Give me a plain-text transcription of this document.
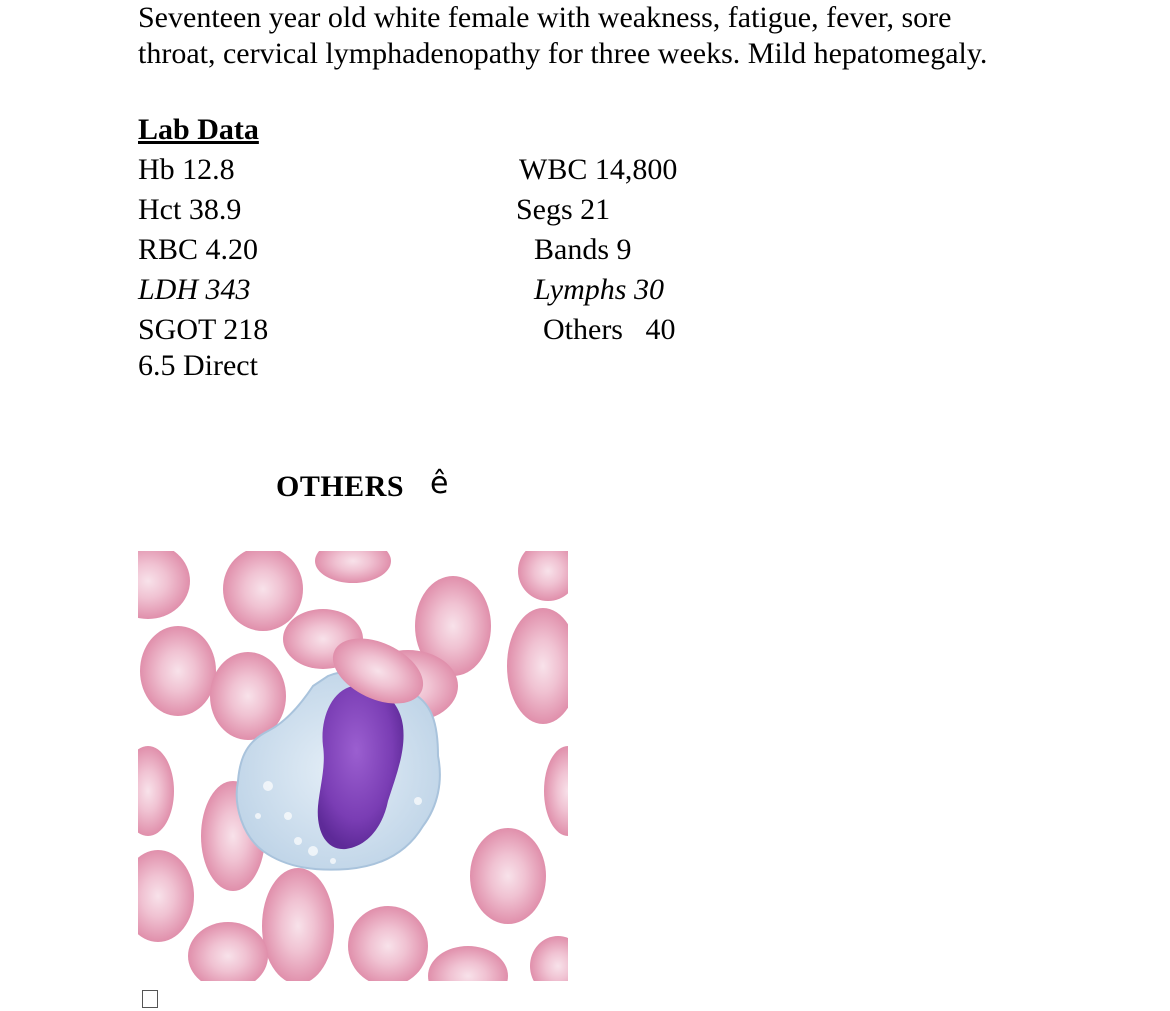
Seventeen year old white female with weakness, fatigue, fever, sore
throat, cervical lymphadenopathy for three weeks. Mild hepatomegaly.
Lab Data
Hb 12.8
Hct 38.9
RBC 4.20
LDH 343
SGOT 218
6.5 Direct
WBC 14,800
Segs 21
Bands 9
Lymphs 30
Others   40
OTHERS ê
